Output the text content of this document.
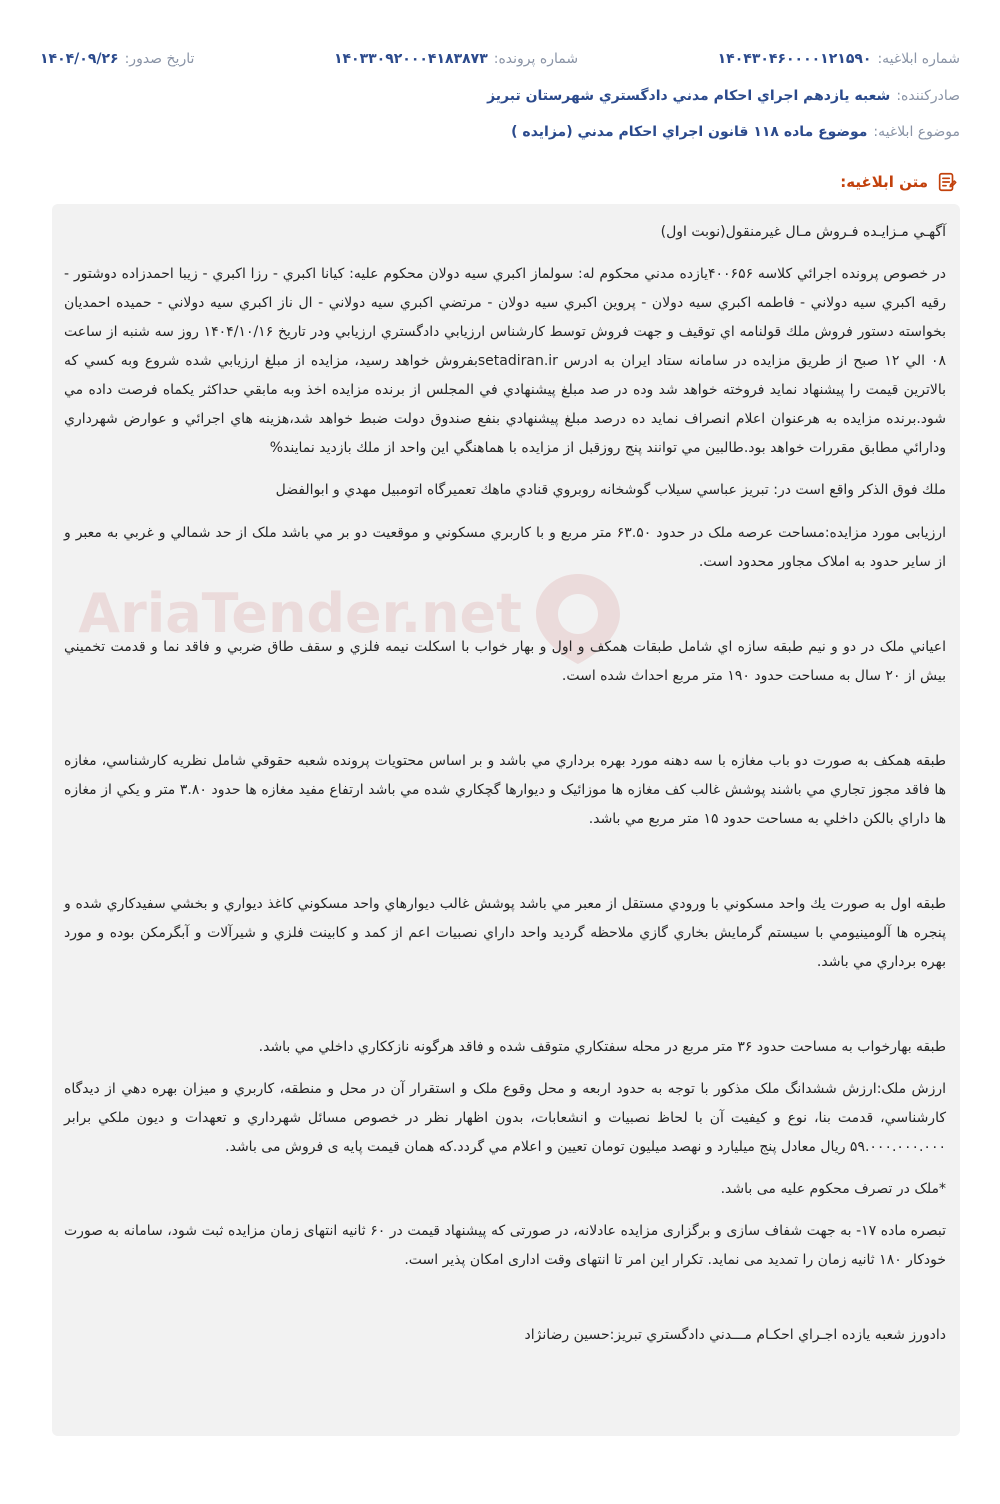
شماره ابلاغيه:
۱۴۰۴۳۰۴۶۰۰۰۰۱۲۱۵۹۰
شماره پرونده:
۱۴۰۳۳۰۹۲۰۰۰۴۱۸۳۸۷۳
تاريخ صدور:
۱۴۰۴/۰۹/۲۶
صادرکننده:
شعبه يازدهم اجراي احکام مدني دادگستري شهرستان تبريز
موضوع ابلاغيه:
موضوع ماده ۱۱۸ قانون اجراي احکام مدني (مزايده )
متن ابلاغيه:
AriaTender.net

آگهـي مـزايـده فـروش مـال غيرمنقول(نوبت اول)

در خصوص پرونده اجرائي کلاسه ۴۰۰۶۵۶يازده مدني محکوم له: سولماز اکبري سيه دولان محکوم عليه: کيانا اکبري - رزا اکبري - زيبا احمدزاده دوشتور - رقيه اکبري سيه دولاني - فاطمه اکبري سيه دولان - پروين اکبري سيه دولان - مرتضي اکبري سيه دولاني - ال ناز اکبري سيه دولاني - حميده احمديان بخواسته دستور فروش ملك قولنامه اي توقيف و جهت فروش توسط كارشناس ارزيابي دادگستري ارزيابي ودر تاريخ ۱۴۰۴/۱۰/۱۶ روز سه شنبه از ساعت ۰۸ الي ۱۲ صبح از طريق مزايده در سامانه ستاد ايران به ادرس setadiran.irبفروش خواهد رسيد، مزايده از مبلغ ارزيابي شده شروع وبه كسي كه بالاترين قيمت را پيشنهاد نمايد فروخته خواهد شد وده در صد مبلغ پيشنهادي في المجلس از برنده مزايده اخذ وبه مابقي حداكثر يكماه فرصت داده مي شود.برنده مزايده به هرعنوان اعلام انصراف نمايد ده درصد مبلغ پيشنهادي بنفع صندوق دولت ضبط خواهد شد،هزينه هاي اجرائي و عوارض شهرداري ودارائي مطابق مقررات خواهد بود.طالبين مي توانند پنج روزقبل از مزايده با هماهنگي اين واحد از ملك بازديد نمايند%

ملك فوق الذكر واقع است در: تبريز عباسي سيلاب گوشخانه روبروي قنادي ماهك تعميرگاه اتومبيل مهدي و ابوالفضل

ارزيابی مورد مزايده:مساحت عرصه ملک در حدود ۶۳.۵۰ متر مربع و با کاربري مسکوني و موقعيت دو بر مي باشد ملک از حد شمالي و غربي به معبر و از ساير حدود به املاک مجاور محدود است.

اعياني ملک در دو و نيم طبقه سازه اي شامل طبقات همکف و اول و بهار خواب با اسکلت نيمه فلزي و سقف طاق ضربي و فاقد نما و قدمت تخميني بيش از ۲۰ سال به مساحت حدود ۱۹۰ متر مربع احداث شده است.

طبقه همکف به صورت دو باب مغازه با سه دهنه مورد بهره برداري مي باشد و بر اساس محتويات پرونده شعبه حقوقي شامل نظريه کارشناسي، مغازه ها فاقد مجوز تجاري مي باشند پوشش غالب کف مغازه ها موزائيک و ديوارها گچکاري شده مي باشد ارتفاع مفيد مغازه ها حدود ۳.۸۰ متر و يکي از مغازه ها داراي بالکن داخلي به مساحت حدود ۱۵ متر مربع مي باشد.

طبقه اول به صورت يك واحد مسكوني با ورودي مستقل از معبر مي باشد پوشش غالب ديوارهاي واحد مسكوني كاغذ ديواري و بخشي سفيدكاري شده و پنجره ها آلومينيومي با سيستم گرمايش بخاري گازي ملاحظه گرديد واحد داراي نصبيات اعم از کمد و کابينت فلزي و شيرآلات و آبگرمکن بوده و مورد بهره برداري مي باشد.

طبقه بهارخواب به مساحت حدود ۳۶ متر مربع در محله سفتکاري متوقف شده و فاقد هرگونه نازککاري داخلي مي باشد.

ارزش ملک:ارزش ششدانگ ملک مذکور با توجه به حدود اربعه و محل وقوع ملک و استقرار آن در محل و منطقه، کاربري و ميزان بهره دهي از ديدگاه کارشناسي، قدمت بنا، نوع و کيفيت آن با لحاظ نصبيات و انشعابات، بدون اظهار نظر در خصوص مسائل شهرداري و تعهدات و ديون ملکي برابر ۵۹.۰۰۰.۰۰۰.۰۰۰ ريال معادل پنج ميليارد و نهصد ميليون تومان تعيين و اعلام مي گردد.که همان قيمت پايه ی فروش می باشد.

*ملک در تصرف محکوم عليه می باشد.

تبصره ماده ۱۷- به جهت شفاف سازی و برگزاری مزايده عادلانه، در صورتی که پيشنهاد قيمت در ۶۰ ثانيه انتهای زمان مزايده ثبت شود، سامانه به صورت خودکار ۱۸۰ ثانيه زمان را تمديد می نمايد. تکرار اين امر تا انتهای وقت اداری امکان پذير است.

دادورز شعبه يازده اجـراي احکـام مـــدني دادگستري تبريز:حسين رضانژاد
